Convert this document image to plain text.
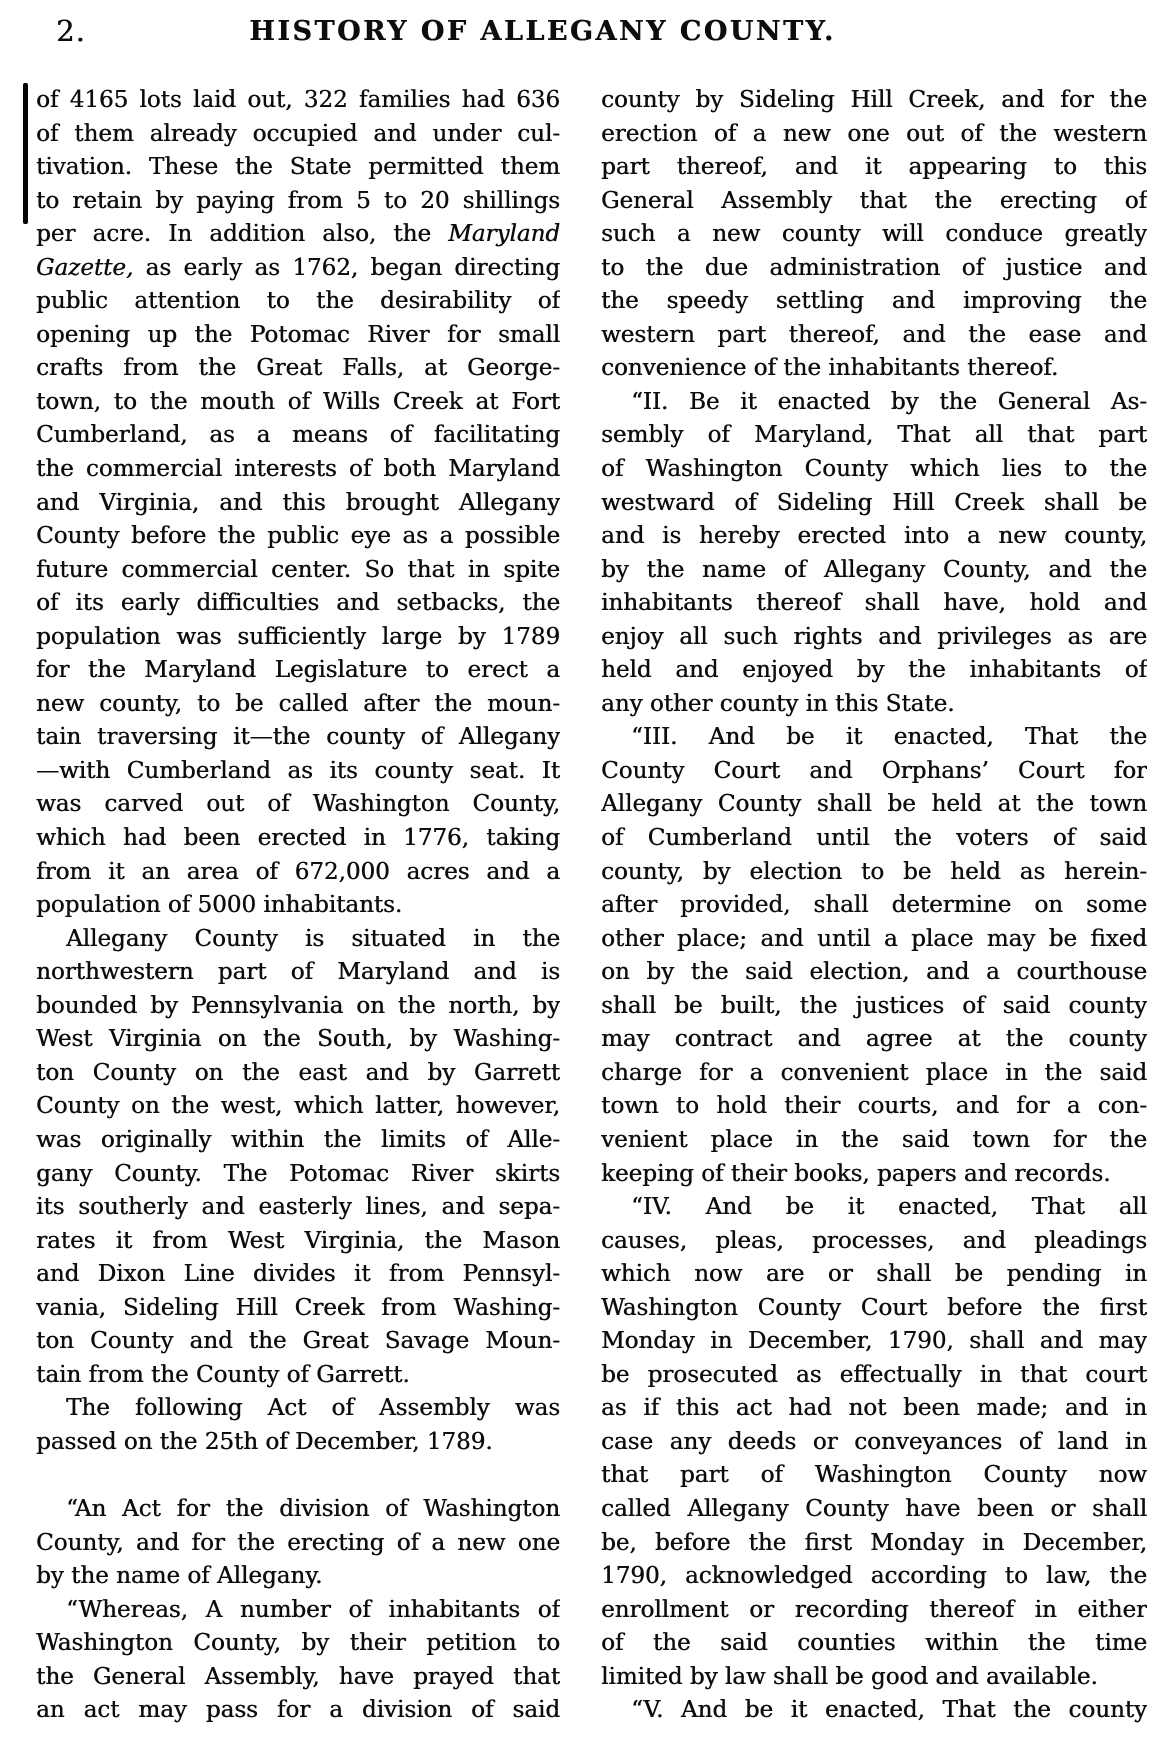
2.	HISTORY OF ALLEGANY COUNTY.
of 4165 lots laid out, 322 families had 636
of them already occupied and under cul-
tivation. These the State permitted them
to retain by paying from 5 to 20 shillings
per acre. In addition also, the Maryland
Gazette, as early as 1762, began directing
public attention to the desirability of
opening up the Potomac River for small
crafts from the Great Falls, at George-
town, to the mouth of Wills Creek at Fort
Cumberland, as a means of facilitating
the commercial interests of both Maryland
and Virginia, and this brought Allegany
County before the public eye as a possible
future commercial center. So that in spite
of its early difficulties and setbacks, the
population was sufficiently large by 1789
for the Maryland Legislature to erect a
new county, to be called after the moun-
tain traversing it—the county of Allegany
—with Cumberland as its county seat. It
was carved out of Washington County,
which had been erected in 1776, taking
from it an area of 672,000 acres and a
population of 5000 inhabitants.
Allegany County is situated in the
northwestern part of Maryland and is
bounded by Pennsylvania on the north, by
West Virginia on the South, by Washing-
ton County on the east and by Garrett
County on the west, which latter, however,
was originally within the limits of Alle-
gany County. The Potomac River skirts
its southerly and easterly lines, and sepa-
rates it from West Virginia, the Mason
and Dixon Line divides it from Pennsyl-
vania, Sideling Hill Creek from Washing-
ton County and the Great Savage Moun-
tain from the County of Garrett.
The following Act of Assembly was
passed on the 25th of December, 1789.
“An Act for the division of Washington
County, and for the erecting of a new one
by the name of Allegany.
“Whereas, A number of inhabitants of
Washington County, by their petition to
the General Assembly, have prayed that
an act may pass for a division of said
county by Sideling Hill Creek, and for the
erection of a new one out of the western
part thereof, and it appearing to this
General Assembly that the erecting of
such a new county will conduce greatly
to the due administration of justice and
the speedy settling and improving the
western part thereof, and the ease and
convenience of the inhabitants thereof.
“II. Be it enacted by the General As-
sembly of Maryland, That all that part
of Washington County which lies to the
westward of Sideling Hill Creek shall be
and is hereby erected into a new county,
by the name of Allegany County, and the
inhabitants thereof shall have, hold and
enjoy all such rights and privileges as are
held and enjoyed by the inhabitants of
any other county in this State.
“III. And be it enacted, That the
County Court and Orphans’ Court for
Allegany County shall be held at the town
of Cumberland until the voters of said
county, by election to be held as herein-
after provided, shall determine on some
other place; and until a place may be fixed
on by the said election, and a courthouse
shall be built, the justices of said county
may contract and agree at the county
charge for a convenient place in the said
town to hold their courts, and for a con-
venient place in the said town for the
keeping of their books, papers and records.
“IV. And be it enacted, That all
causes, pleas, processes, and pleadings
which now are or shall be pending in
Washington County Court before the first
Monday in December, 1790, shall and may
be prosecuted as effectually in that court
as if this act had not been made; and in
case any deeds or conveyances of land in
that part of Washington County now
called Allegany County have been or shall
be, before the first Monday in December,
1790, acknowledged according to law, the
enrollment or recording thereof in either
of the said counties within the time
limited by law shall be good and available.
“V. And be it enacted, That the county
